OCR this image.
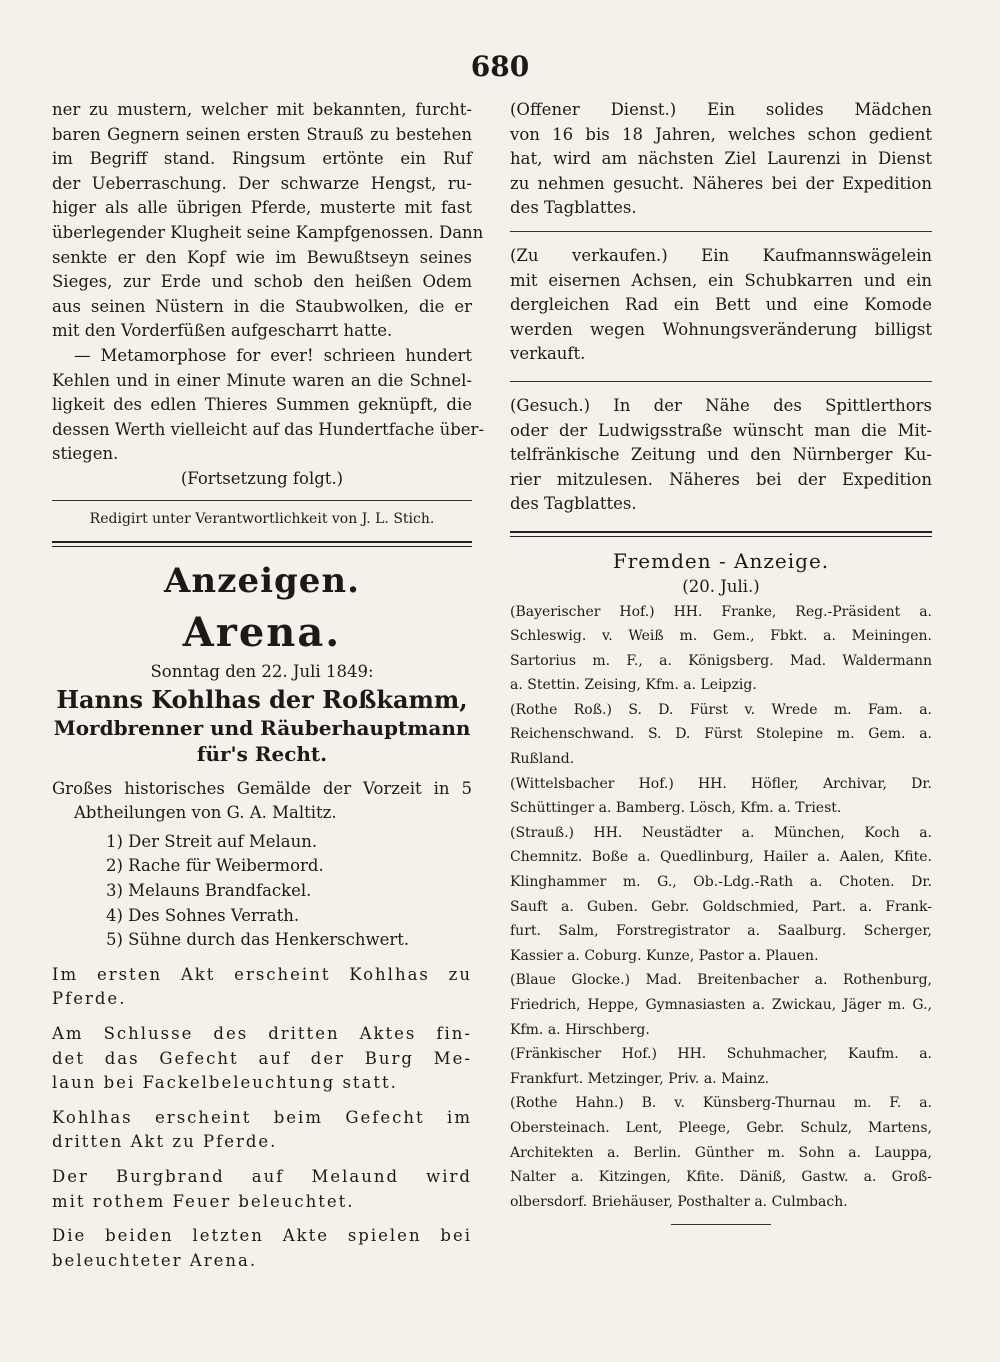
680
ner zu mustern, welcher mit bekannten, furcht-
baren Gegnern seinen ersten Strauß zu bestehen
im Begriff stand. Ringsum ertönte ein Ruf
der Ueberraschung. Der schwarze Hengst, ru-
higer als alle übrigen Pferde, musterte mit fast
überlegender Klugheit seine Kampfgenossen. Dann
senkte er den Kopf wie im Bewußtseyn seines
Sieges, zur Erde und schob den heißen Odem
aus seinen Nüstern in die Staubwolken, die er
mit den Vorderfüßen aufgescharrt hatte.
— Metamorphose for ever! schrieen hundert
Kehlen und in einer Minute waren an die Schnel-
ligkeit des edlen Thieres Summen geknüpft, die
dessen Werth vielleicht auf das Hundertfache über-
stiegen.
(Fortsetzung folgt.)
Redigirt unter Verantwortlichkeit von J. L. Stich.
Anzeigen.
Arena.
Sonntag den 22. Juli 1849:
Hanns Kohlhas der Roßkamm,
Mordbrenner und Räuberhauptmann
für's Recht.
Großes historisches Gemälde der Vorzeit in 5
Abtheilungen von G. A. Maltitz.
1) Der Streit auf Melaun.
2) Rache für Weibermord.
3) Melauns Brandfackel.
4) Des Sohnes Verrath.
5) Sühne durch das Henkerschwert.
Im ersten Akt erscheint Kohlhas zu
Pferde.
Am Schlusse des dritten Aktes fin-
det das Gefecht auf der Burg Me-
laun bei Fackelbeleuchtung statt.
Kohlhas erscheint beim Gefecht im
dritten Akt zu Pferde.
Der Burgbrand auf Melaund wird
mit rothem Feuer beleuchtet.
Die beiden letzten Akte spielen bei
beleuchteter Arena.
(Offener Dienst.) Ein solides Mädchen
von 16 bis 18 Jahren, welches schon gedient
hat, wird am nächsten Ziel Laurenzi in Dienst
zu nehmen gesucht. Näheres bei der Expedition
des Tagblattes.
(Zu verkaufen.) Ein Kaufmannswägelein
mit eisernen Achsen, ein Schubkarren und ein
dergleichen Rad ein Bett und eine Komode
werden wegen Wohnungsveränderung billigst
verkauft.
(Gesuch.) In der Nähe des Spittlerthors
oder der Ludwigsstraße wünscht man die Mit-
telfränkische Zeitung und den Nürnberger Ku-
rier mitzulesen. Näheres bei der Expedition
des Tagblattes.
Fremden - Anzeige.
(20. Juli.)
(Bayerischer Hof.) HH. Franke, Reg.-Präsident a.
Schleswig. v. Weiß m. Gem., Fbkt. a. Meiningen.
Sartorius m. F., a. Königsberg. Mad. Waldermann
a. Stettin. Zeising, Kfm. a. Leipzig.
(Rothe Roß.) S. D. Fürst v. Wrede m. Fam. a.
Reichenschwand. S. D. Fürst Stolepine m. Gem. a.
Rußland.
(Wittelsbacher Hof.) HH. Höfler, Archivar, Dr.
Schüttinger a. Bamberg. Lösch, Kfm. a. Triest.
(Strauß.) HH. Neustädter a. München, Koch a.
Chemnitz. Boße a. Quedlinburg, Hailer a. Aalen, Kfite.
Klinghammer m. G., Ob.-Ldg.-Rath a. Choten. Dr.
Sauft a. Guben. Gebr. Goldschmied, Part. a. Frank-
furt. Salm, Forstregistrator a. Saalburg. Scherger,
Kassier a. Coburg. Kunze, Pastor a. Plauen.
(Blaue Glocke.) Mad. Breitenbacher a. Rothenburg,
Friedrich, Heppe, Gymnasiasten a. Zwickau, Jäger m. G.,
Kfm. a. Hirschberg.
(Fränkischer Hof.) HH. Schuhmacher, Kaufm. a.
Frankfurt. Metzinger, Priv. a. Mainz.
(Rothe Hahn.) B. v. Künsberg-Thurnau m. F. a.
Obersteinach. Lent, Pleege, Gebr. Schulz, Martens,
Architekten a. Berlin. Günther m. Sohn a. Lauppa,
Nalter a. Kitzingen, Kfite. Däniß, Gastw. a. Groß-
olbersdorf. Briehäuser, Posthalter a. Culmbach.
